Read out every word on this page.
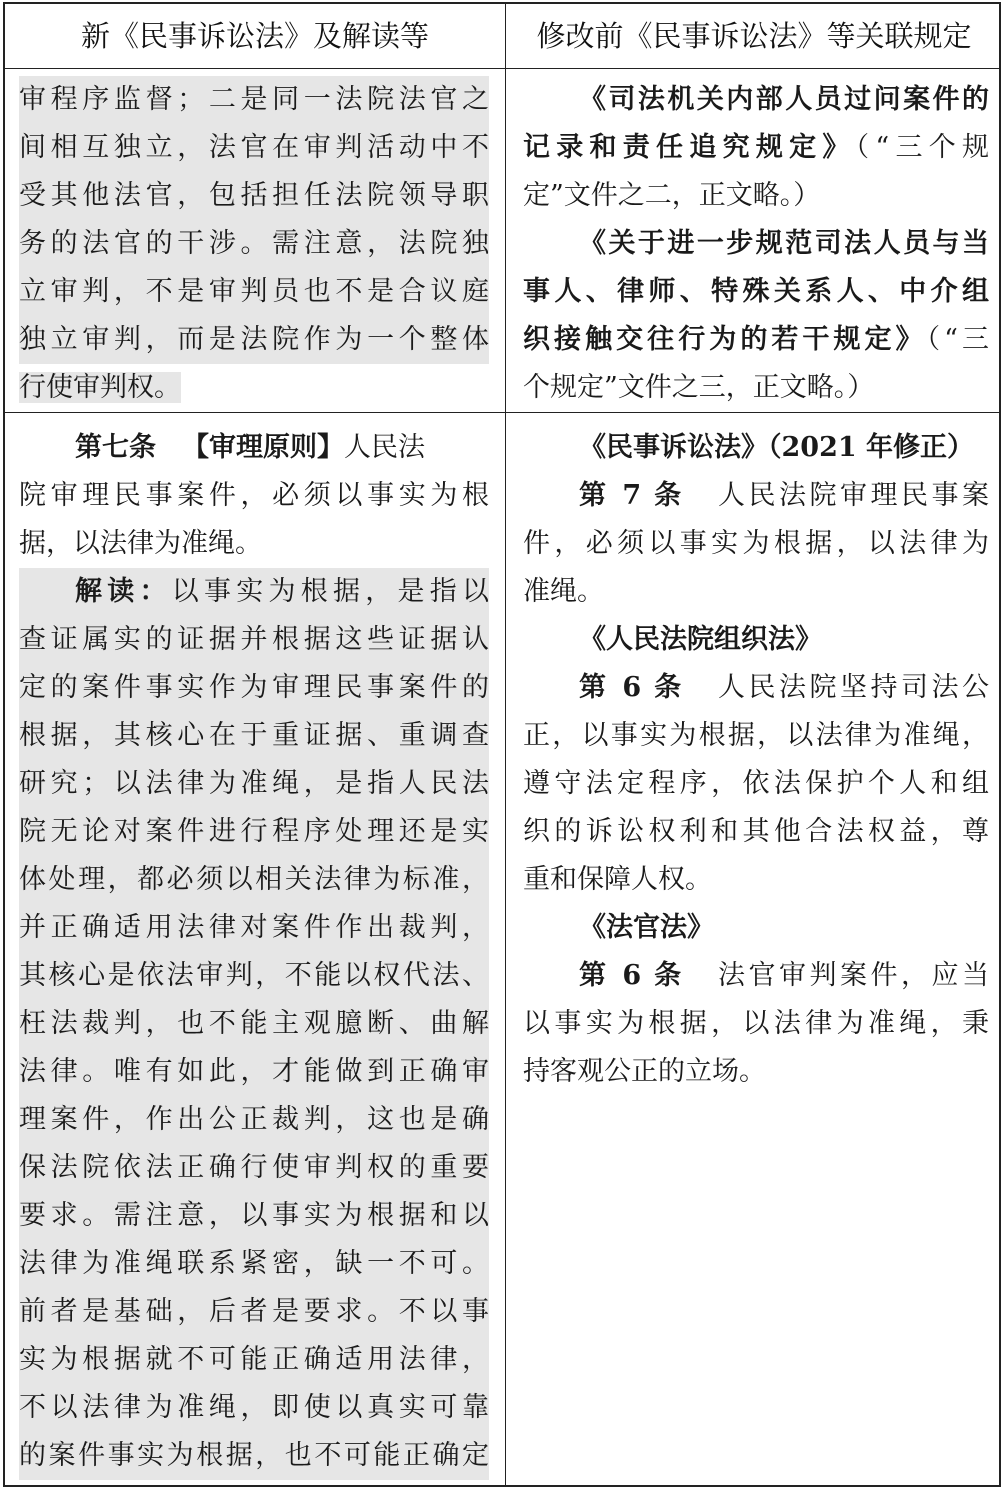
新《民事诉讼法》及解读等	修改前《民事诉讼法》等关联规定
审程序监督；二是同一法院法官之
间相互独立，法官在审判活动中不
受其他法官，包括担任法院领导职
务的法官的干涉。需注意，法院独
立审判，不是审判员也不是合议庭
独立审判，而是法院作为一个整体
行使审判权。
《司法机关内部人员过问案件的
记录和责任追究规定》（“三个规
定”文件之二，正文略。）
《关于进一步规范司法人员与当
事人、律师、特殊关系人、中介组
织接触交往行为的若干规定》（“三
个规定”文件之三，正文略。）
第七条 【审理原则】人民法
院审理民事案件，必须以事实为根
据，以法律为准绳。
解读：以事实为根据，是指以
查证属实的证据并根据这些证据认
定的案件事实作为审理民事案件的
根据，其核心在于重证据、重调查
研究；以法律为准绳，是指人民法
院无论对案件进行程序处理还是实
体处理，都必须以相关法律为标准，
并正确适用法律对案件作出裁判，
其核心是依法审判，不能以权代法、
枉法裁判，也不能主观臆断、曲解
法律。唯有如此，才能做到正确审
理案件，作出公正裁判，这也是确
保法院依法正确行使审判权的重要
要求。需注意，以事实为根据和以
法律为准绳联系紧密，缺一不可。
前者是基础，后者是要求。不以事
实为根据就不可能正确适用法律，
不以法律为准绳，即使以真实可靠
的案件事实为根据，也不可能正确定
《民事诉讼法》（2021 年修正）
第 7 条 人民法院审理民事案
件，必须以事实为根据，以法律为
准绳。
《人民法院组织法》
第 6 条 人民法院坚持司法公
正，以事实为根据，以法律为准绳，
遵守法定程序，依法保护个人和组
织的诉讼权利和其他合法权益，尊
重和保障人权。
《法官法》
第 6 条 法官审判案件，应当
以事实为根据，以法律为准绳，秉
持客观公正的立场。
